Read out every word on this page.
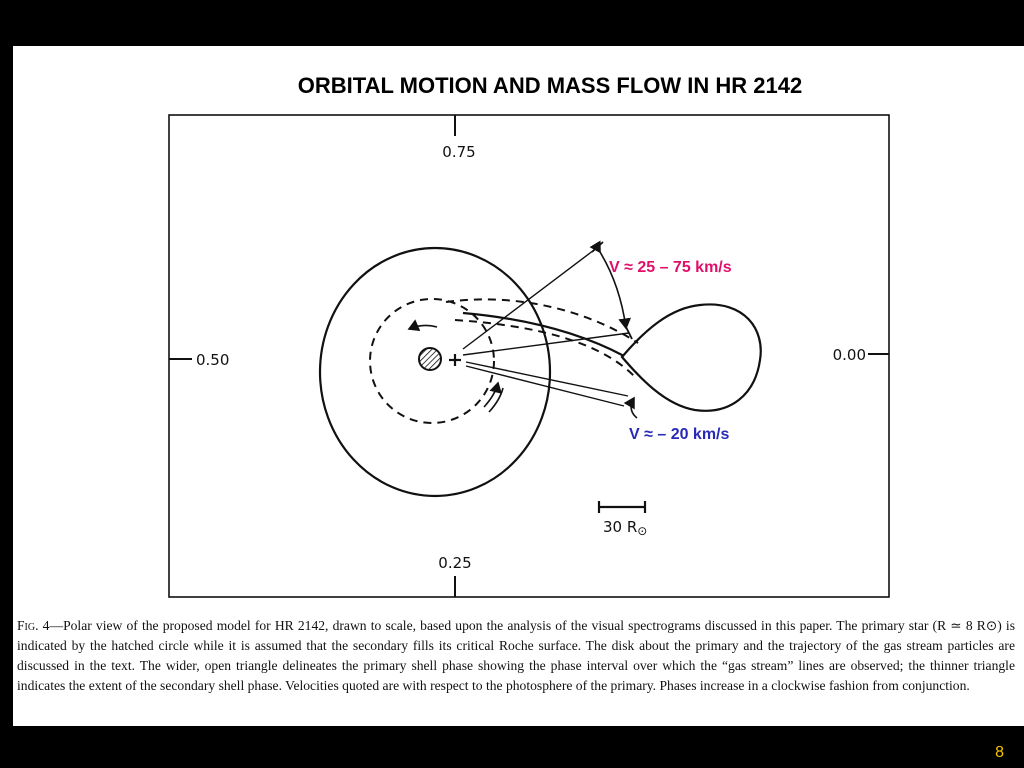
ORBITAL MOTION AND MASS FLOW IN HR 2142
0.75
0.50	0.00
0.25
V ≈ 25 – 75 km/s
V ≈ – 20 km/s
30 $R_⊙$
Fig. 4—Polar view of the proposed model for HR 2142, drawn to scale, based upon the analysis of the visual spectrograms discussed in this paper. The primary star (R ≃ 8 R⊙) is indicated by the hatched circle while it is assumed that the secondary fills its critical Roche surface. The disk about the primary and the trajectory of the gas stream particles are discussed in the text. The wider, open triangle delineates the primary shell phase showing the phase interval over which the “gas stream” lines are observed; the thinner triangle indicates the extent of the secondary shell phase. Velocities quoted are with respect to the photosphere of the primary. Phases increase in a clockwise fashion from conjunction.
8
